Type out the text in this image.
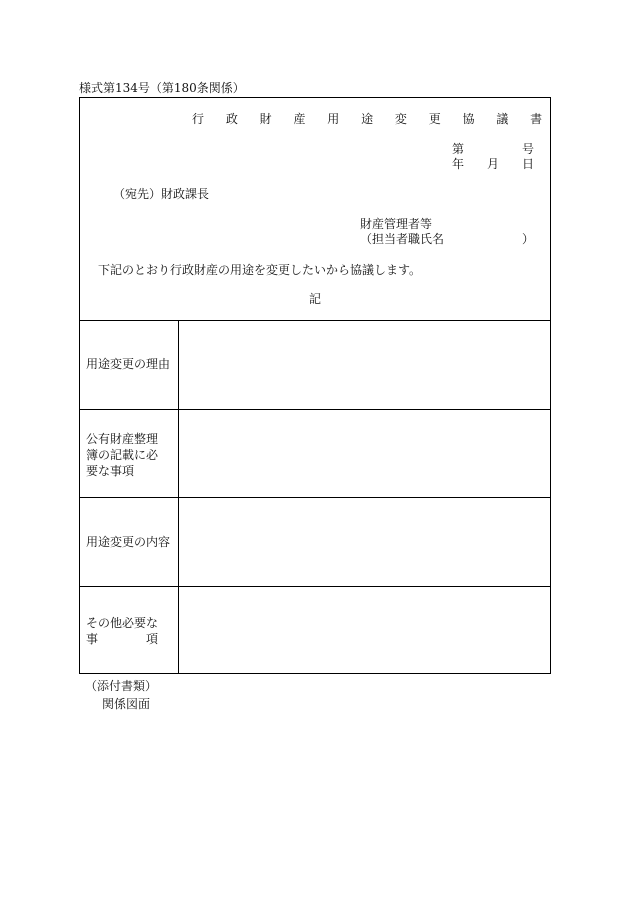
様式第134号（第180条関係）
行 政 財 産 用 途 変 更 協 議 書
第	号
年 月 日
（宛先）財政課長
財産管理者等
（担当者職氏名	）
下記のとおり行政財産の用途を変更したいから協議します。
記
用途変更の理由
公有財産整理
簿の記載に必
要な事項
用途変更の内容
その他必要な
事　　　　項
（添付書類）
関係図面
